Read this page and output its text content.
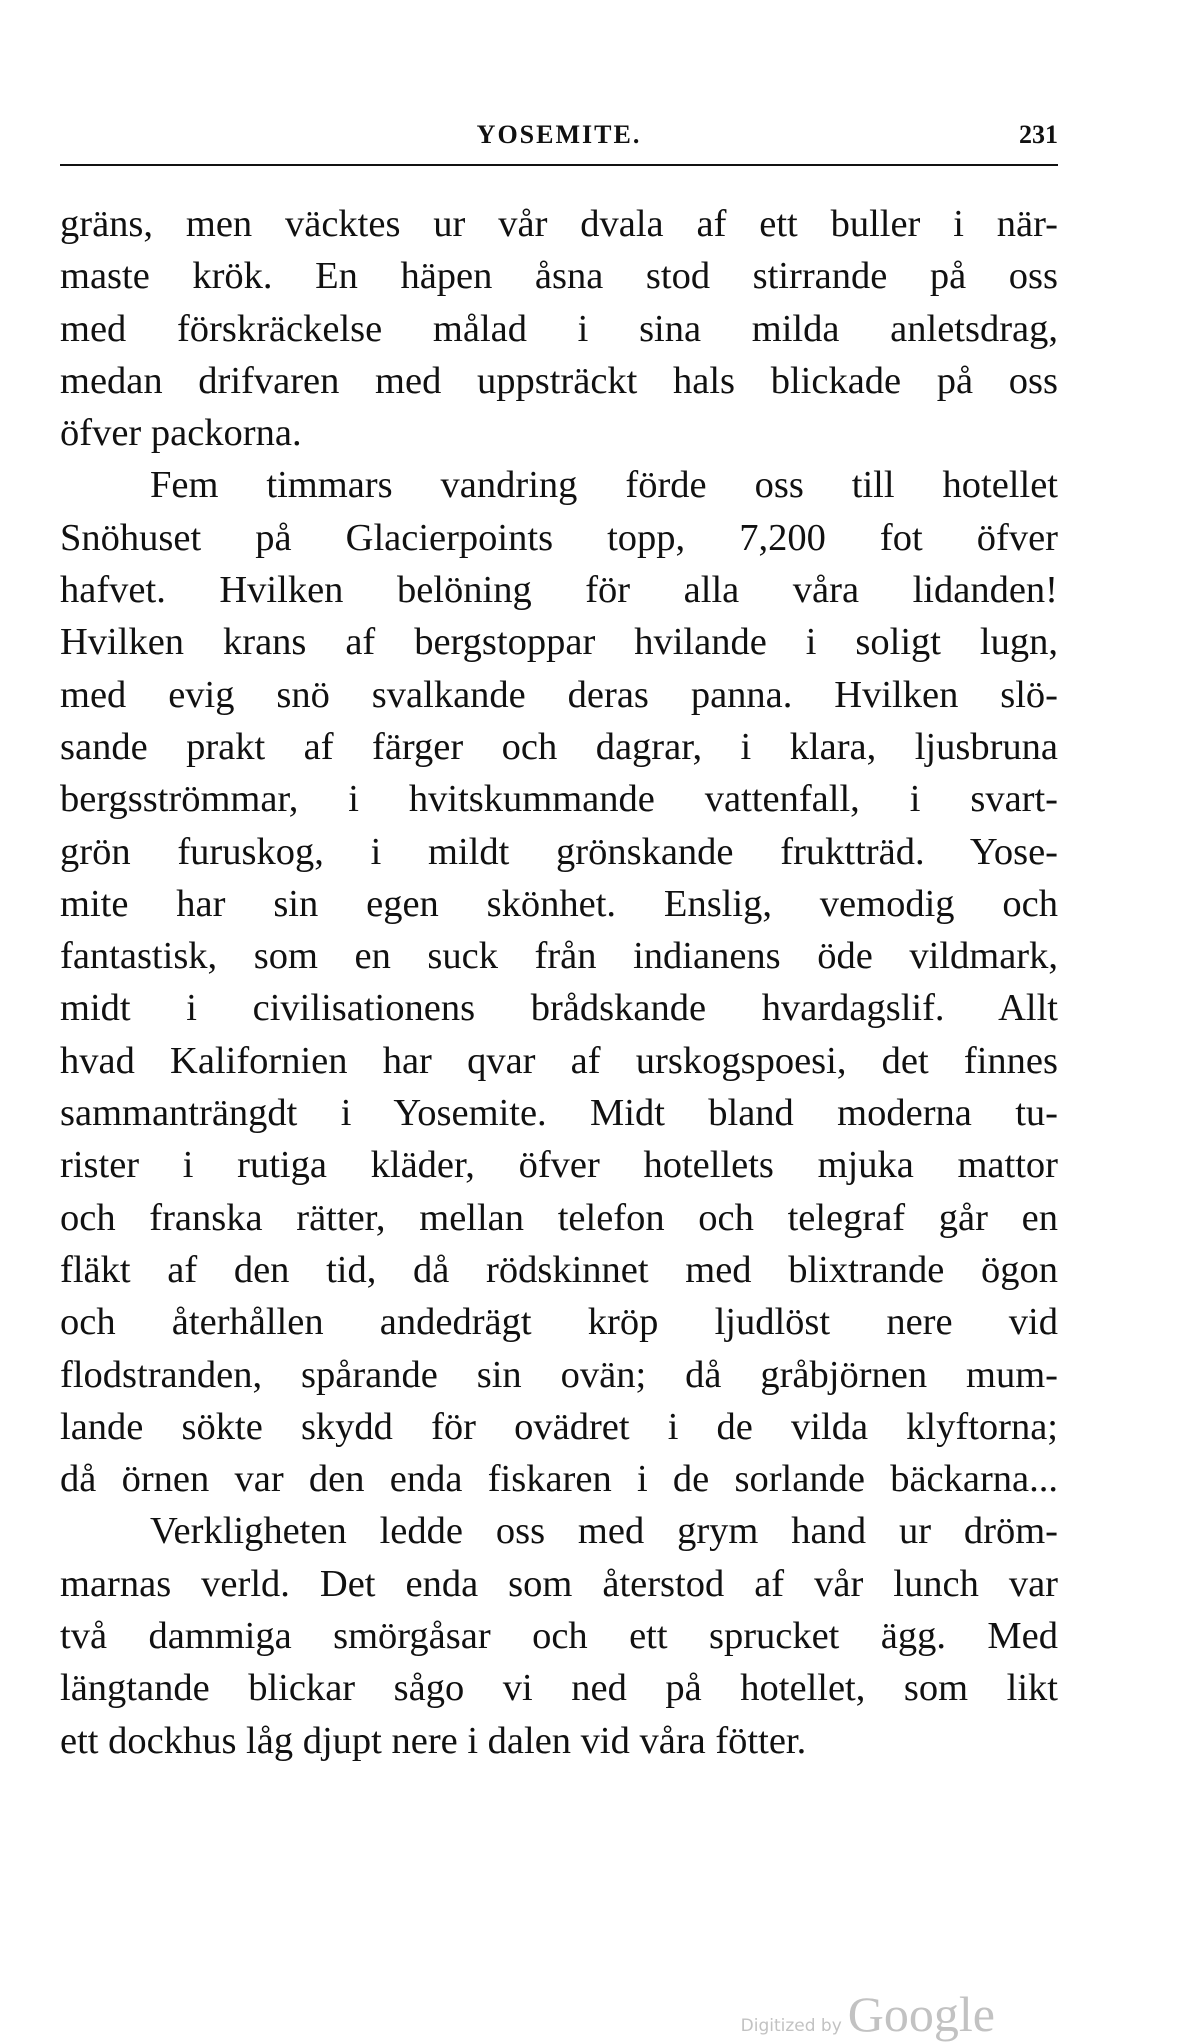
YOSEMITE.	231
gräns, men väcktes ur vår dvala af ett buller i när-
maste krök. En häpen åsna stod stirrande på oss
med förskräckelse målad i sina milda anletsdrag,
medan drifvaren med uppsträckt hals blickade på oss
öfver packorna.
Fem timmars vandring förde oss till hotellet
Snöhuset på Glacierpoints topp, 7,200 fot öfver
hafvet. Hvilken belöning för alla våra lidanden!
Hvilken krans af bergstoppar hvilande i soligt lugn,
med evig snö svalkande deras panna. Hvilken slö-
sande prakt af färger och dagrar, i klara, ljusbruna
bergsströmmar, i hvitskummande vattenfall, i svart-
grön furuskog, i mildt grönskande fruktträd. Yose-
mite har sin egen skönhet. Enslig, vemodig och
fantastisk, som en suck från indianens öde vildmark,
midt i civilisationens brådskande hvardagslif. Allt
hvad Kalifornien har qvar af urskogspoesi, det finnes
sammanträngdt i Yosemite. Midt bland moderna tu-
rister i rutiga kläder, öfver hotellets mjuka mattor
och franska rätter, mellan telefon och telegraf går en
fläkt af den tid, då rödskinnet med blixtrande ögon
och återhållen andedrägt kröp ljudlöst nere vid
flodstranden, spårande sin ovän; då gråbjörnen mum-
lande sökte skydd för ovädret i de vilda klyftorna;
då örnen var den enda fiskaren i de sorlande bäckarna...
Verkligheten ledde oss med grym hand ur dröm-
marnas verld. Det enda som återstod af vår lunch var
två dammiga smörgåsar och ett sprucket ägg. Med
längtande blickar sågo vi ned på hotellet, som likt
ett dockhus låg djupt nere i dalen vid våra fötter.
Digitized by Google
